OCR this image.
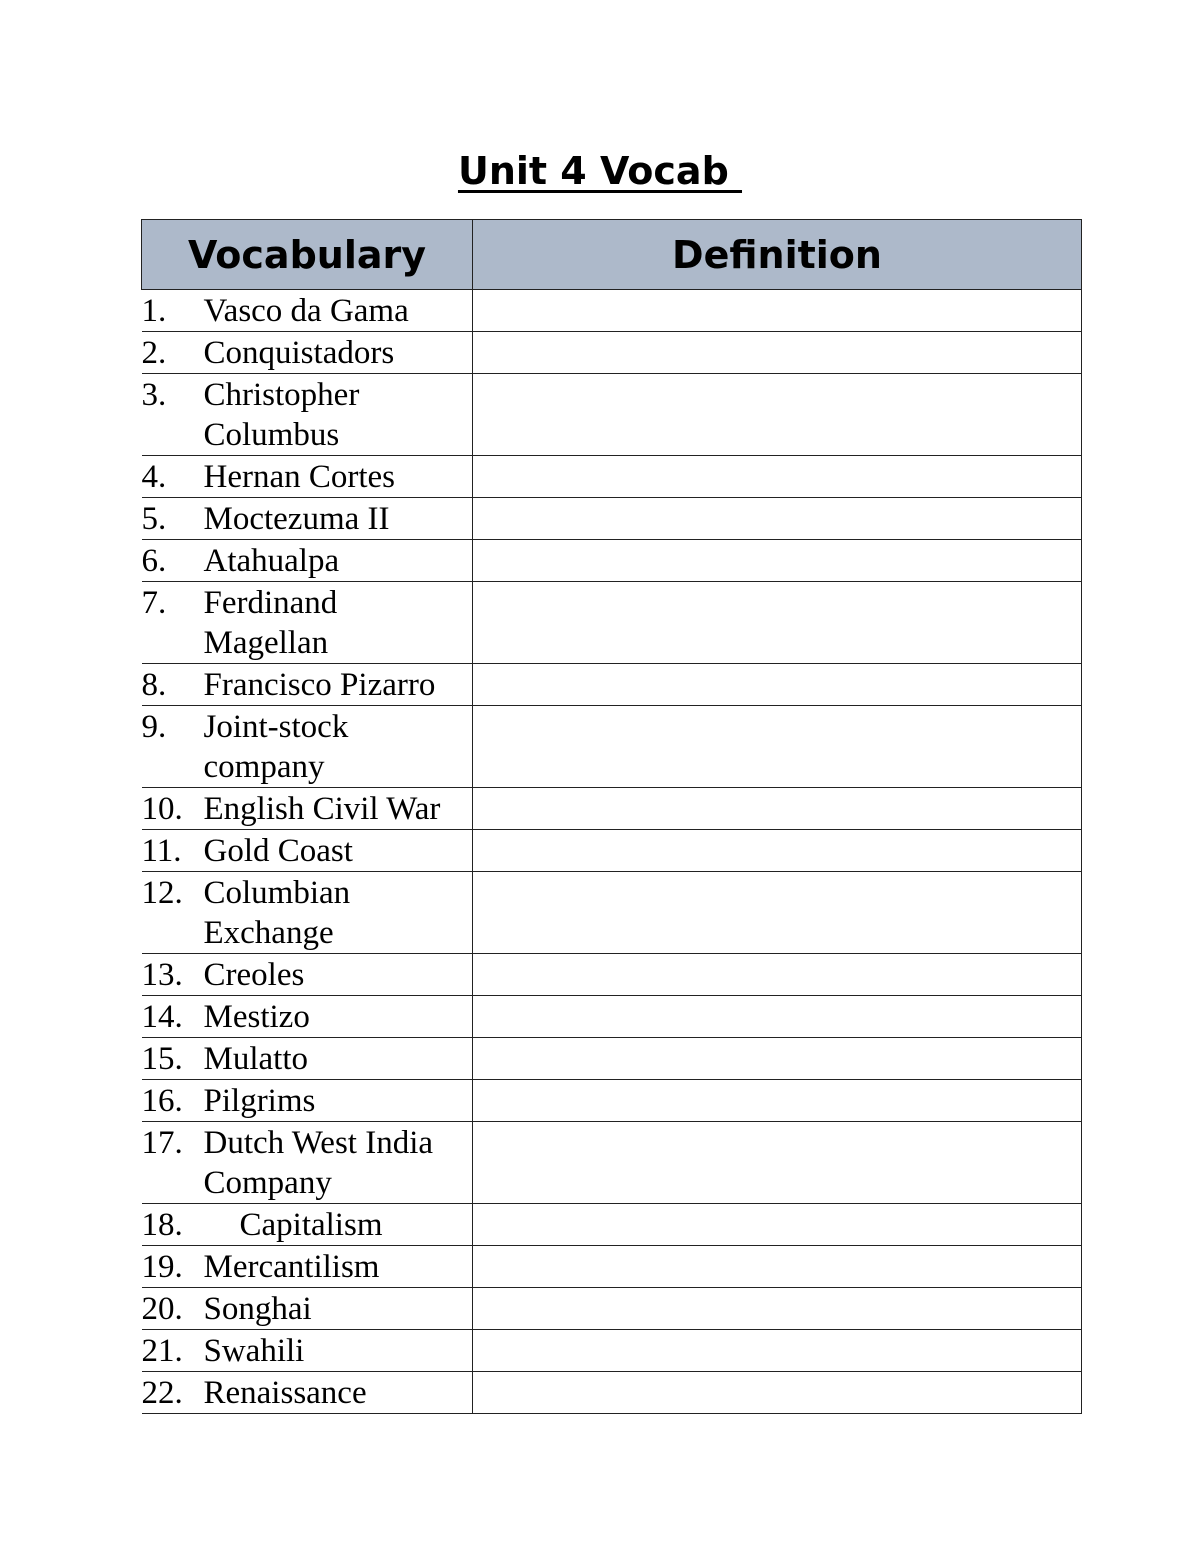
Unit 4 Vocab
Vocabulary	Definition

1. Vasco da Gama	

2. Conquistadors	

3. Christopher Columbus	

4. Hernan Cortes	

5. Moctezuma II	

6. Atahualpa	

7. Ferdinand Magellan	

8. Francisco Pizarro	

9. Joint-stock company	

10. English Civil War	

11. Gold Coast	

12. Columbian Exchange	

13. Creoles	

14. Mestizo	

15. Mulatto	

16. Pilgrims	

17. Dutch West India Company	

18. Capitalism	

19. Mercantilism	

20. Songhai	

21. Swahili	

22. Renaissance	
